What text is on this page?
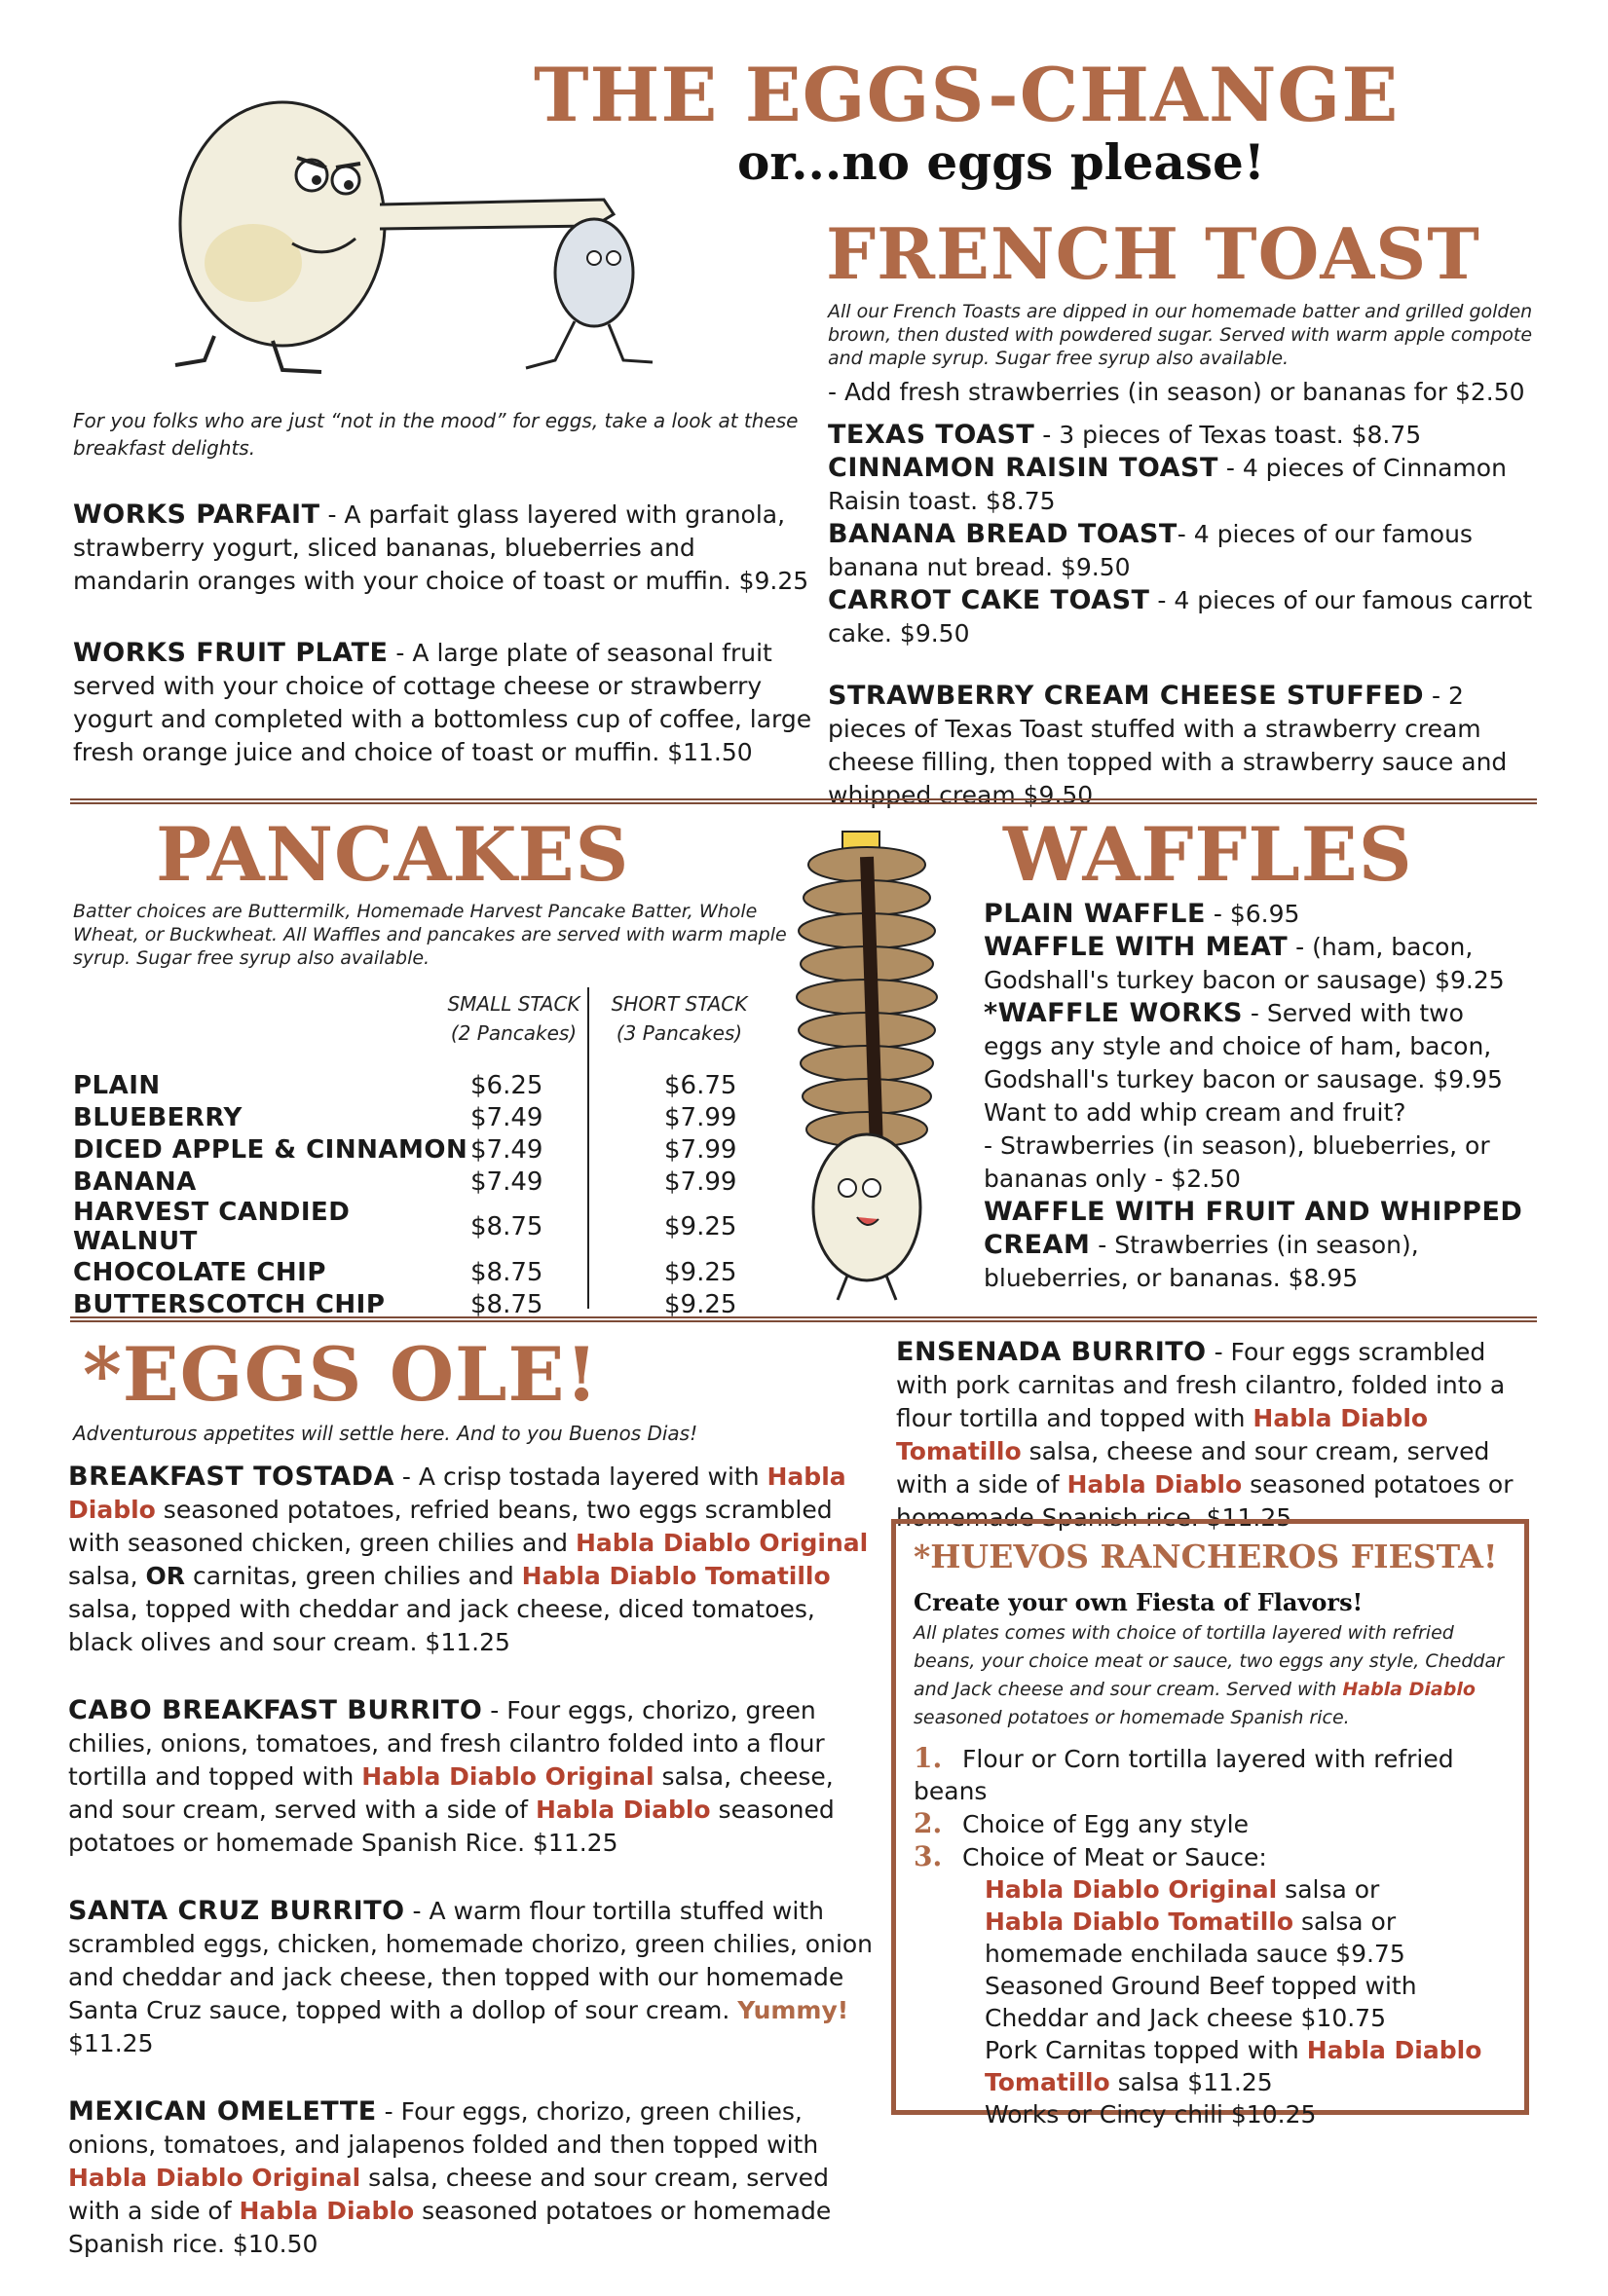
THE EGGS-CHANGE
or...no eggs please!
For you folks who are just “not in the mood” for eggs, take a look at these breakfast delights.
WORKS PARFAIT - A parfait glass layered with granola, strawberry yogurt, sliced bananas, blueberries and mandarin oranges with your choice of toast or muffin. $9.25
WORKS FRUIT PLATE - A large plate of seasonal fruit served with your choice of cottage cheese or strawberry yogurt and completed with a bottomless cup of coffee, large fresh orange juice and choice of toast or muffin. $11.50
FRENCH TOAST
All our French Toasts are dipped in our homemade batter and grilled golden brown, then dusted with powdered sugar. Served with warm apple compote and maple syrup. Sugar free syrup also available.
- Add fresh strawberries (in season) or bananas for $2.50
TEXAS TOAST - 3 pieces of Texas toast. $8.75
CINNAMON RAISIN TOAST - 4 pieces of Cinnamon Raisin toast. $8.75
BANANA BREAD TOAST- 4 pieces of our famous banana nut bread. $9.50
CARROT CAKE TOAST - 4 pieces of our famous carrot cake. $9.50
STRAWBERRY CREAM CHEESE STUFFED - 2 pieces of Texas Toast stuffed with a strawberry cream cheese filling, then topped with a strawberry sauce and whipped cream $9.50
PANCAKES
Batter choices are Buttermilk, Homemade Harvest Pancake Batter, Whole Wheat, or Buckwheat. All Waffles and pancakes are served with warm maple syrup. Sugar free syrup also available.
SMALL STACK
(2 Pancakes)
SHORT STACK
(3 Pancakes)
PLAIN	$6.25	$6.75
BLUEBERRY	$7.49	$7.99
DICED APPLE & CINNAMON	$7.49	$7.99
BANANA	$7.49	$7.99
HARVEST CANDIED WALNUT	$8.75	$9.25
CHOCOLATE CHIP	$8.75	$9.25
BUTTERSCOTCH CHIP	$8.75	$9.25
WAFFLES
PLAIN WAFFLE - $6.95
WAFFLE WITH MEAT - (ham, bacon, Godshall's turkey bacon or sausage) $9.25
*WAFFLE WORKS - Served with two eggs any style and choice of ham, bacon, Godshall's turkey bacon or sausage. $9.95 Want to add whip cream and fruit?
- Strawberries (in season), blueberries, or bananas only - $2.50
WAFFLE WITH FRUIT AND WHIPPED CREAM - Strawberries (in season), blueberries, or bananas. $8.95
*EGGS OLE!
Adventurous appetites will settle here. And to you Buenos Dias!
BREAKFAST TOSTADA - A crisp tostada layered with Habla Diablo seasoned potatoes, refried beans, two eggs scrambled with seasoned chicken, green chilies and Habla Diablo Original salsa, OR carnitas, green chilies and Habla Diablo Tomatillo salsa, topped with cheddar and jack cheese, diced tomatoes, black olives and sour cream. $11.25
CABO BREAKFAST BURRITO - Four eggs, chorizo, green chilies, onions, tomatoes, and fresh cilantro folded into a flour tortilla and topped with Habla Diablo Original salsa, cheese, and sour cream, served with a side of Habla Diablo seasoned potatoes or homemade Spanish Rice. $11.25
SANTA CRUZ BURRITO - A warm flour tortilla stuffed with scrambled eggs, chicken, homemade chorizo, green chilies, onion and cheddar and jack cheese, then topped with our homemade Santa Cruz sauce, topped with a dollop of sour cream. Yummy! $11.25
MEXICAN OMELETTE - Four eggs, chorizo, green chilies, onions, tomatoes, and jalapenos folded and then topped with Habla Diablo Original salsa, cheese and sour cream, served with a side of Habla Diablo seasoned potatoes or homemade Spanish rice. $10.50
ENSENADA BURRITO - Four eggs scrambled with pork carnitas and fresh cilantro, folded into a flour tortilla and topped with Habla Diablo Tomatillo salsa, cheese and sour cream, served with a side of Habla Diablo seasoned potatoes or homemade Spanish rice. $11.25
*HUEVOS RANCHEROS FIESTA!
Create your own Fiesta of Flavors!
All plates comes with choice of tortilla layered with refried beans, your choice meat or sauce, two eggs any style, Cheddar and Jack cheese and sour cream. Served with Habla Diablo seasoned potatoes or homemade Spanish rice.
1. Flour or Corn tortilla layered with refried beans
2. Choice of Egg any style
3. Choice of Meat or Sauce:
Habla Diablo Original salsa or
Habla Diablo Tomatillo salsa or
homemade enchilada sauce $9.75
Seasoned Ground Beef topped with Cheddar and Jack cheese $10.75
Pork Carnitas topped with Habla Diablo Tomatillo salsa $11.25
Works or Cincy chili $10.25
